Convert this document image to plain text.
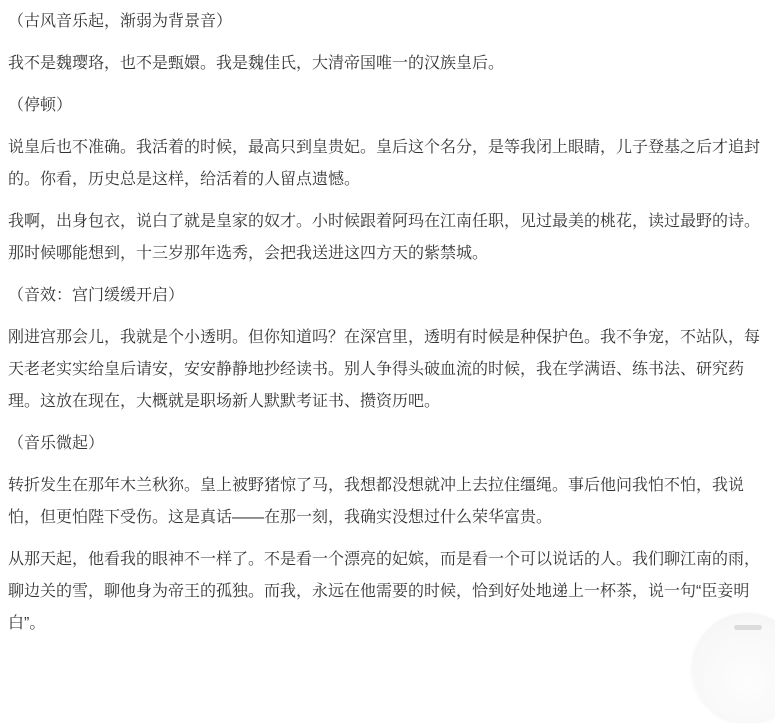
（古风音乐起，渐弱为背景音）

我不是魏璎珞，也不是甄嬛。我是魏佳氏，大清帝国唯一的汉族皇后。

（停顿）

说皇后也不准确。我活着的时候，最高只到皇贵妃。皇后这个名分，是等我闭上眼睛，儿子登基之后才追封的。你看，历史总是这样，给活着的人留点遗憾。

我啊，出身包衣，说白了就是皇家的奴才。小时候跟着阿玛在江南任职，见过最美的桃花，读过最野的诗。那时候哪能想到，十三岁那年选秀，会把我送进这四方天的紫禁城。

（音效：宫门缓缓开启）

刚进宫那会儿，我就是个小透明。但你知道吗？在深宫里，透明有时候是种保护色。我不争宠，不站队，每天老老实实给皇后请安，安安静静地抄经读书。别人争得头破血流的时候，我在学满语、练书法、研究药理。这放在现在，大概就是职场新人默默考证书、攒资历吧。

（音乐微起）

转折发生在那年木兰秋狝。皇上被野猪惊了马，我想都没想就冲上去拉住缰绳。事后他问我怕不怕，我说怕，但更怕陛下受伤。这是真话——在那一刻，我确实没想过什么荣华富贵。

从那天起，他看我的眼神不一样了。不是看一个漂亮的妃嫔，而是看一个可以说话的人。我们聊江南的雨，聊边关的雪，聊他身为帝王的孤独。而我，永远在他需要的时候，恰到好处地递上一杯茶，说一句“臣妾明白”。
